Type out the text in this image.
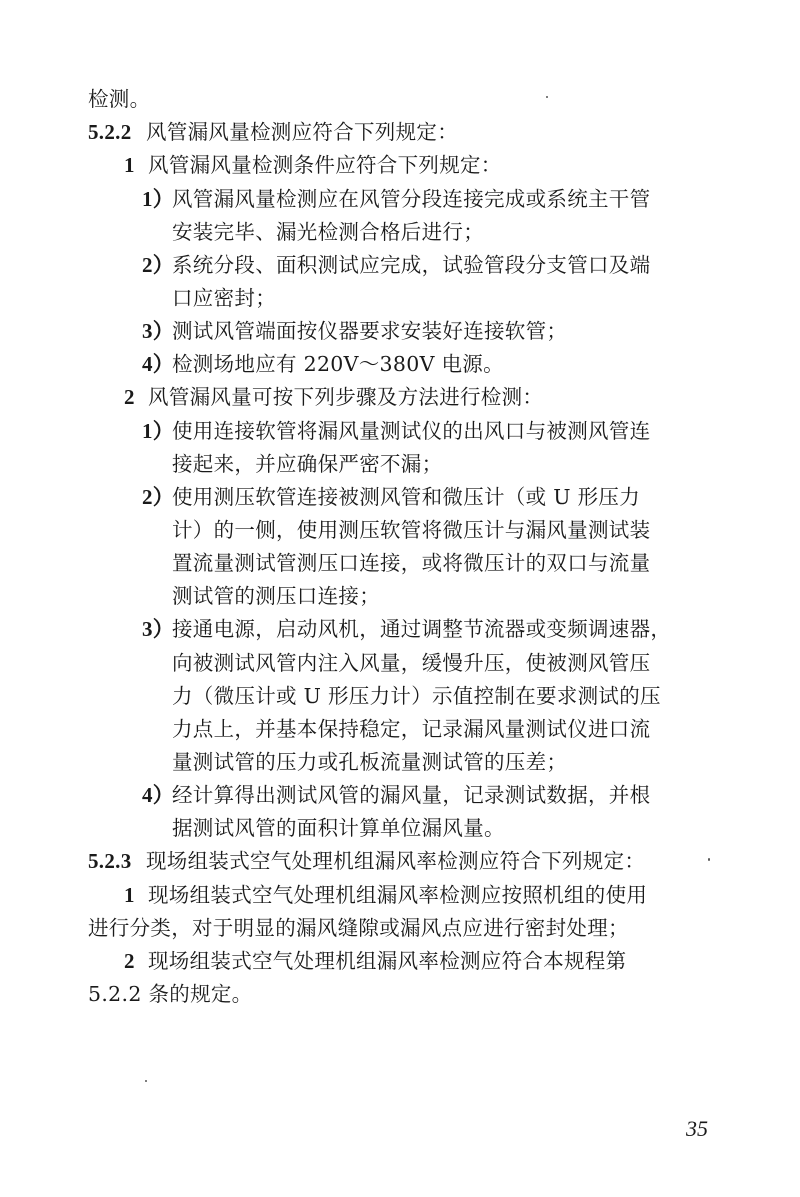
检测。
5.2.2 风管漏风量检测应符合下列规定：
1 风管漏风量检测条件应符合下列规定：
1）风管漏风量检测应在风管分段连接完成或系统主干管
安装完毕、漏光检测合格后进行；
2）系统分段、面积测试应完成，试验管段分支管口及端
口应密封；
3）测试风管端面按仪器要求安装好连接软管；
4）检测场地应有 220V～380V 电源。
2 风管漏风量可按下列步骤及方法进行检测：
1）使用连接软管将漏风量测试仪的出风口与被测风管连
接起来，并应确保严密不漏；
2）使用测压软管连接被测风管和微压计（或 U 形压力
计）的一侧，使用测压软管将微压计与漏风量测试装
置流量测试管测压口连接，或将微压计的双口与流量
测试管的测压口连接；
3）接通电源，启动风机，通过调整节流器或变频调速器，
向被测试风管内注入风量，缓慢升压，使被测风管压
力（微压计或 U 形压力计）示值控制在要求测试的压
力点上，并基本保持稳定，记录漏风量测试仪进口流
量测试管的压力或孔板流量测试管的压差；
4）经计算得出测试风管的漏风量，记录测试数据，并根
据测试风管的面积计算单位漏风量。
5.2.3 现场组装式空气处理机组漏风率检测应符合下列规定：
1 现场组装式空气处理机组漏风率检测应按照机组的使用
进行分类，对于明显的漏风缝隙或漏风点应进行密封处理；
2 现场组装式空气处理机组漏风率检测应符合本规程第
5.2.2 条的规定。
35
